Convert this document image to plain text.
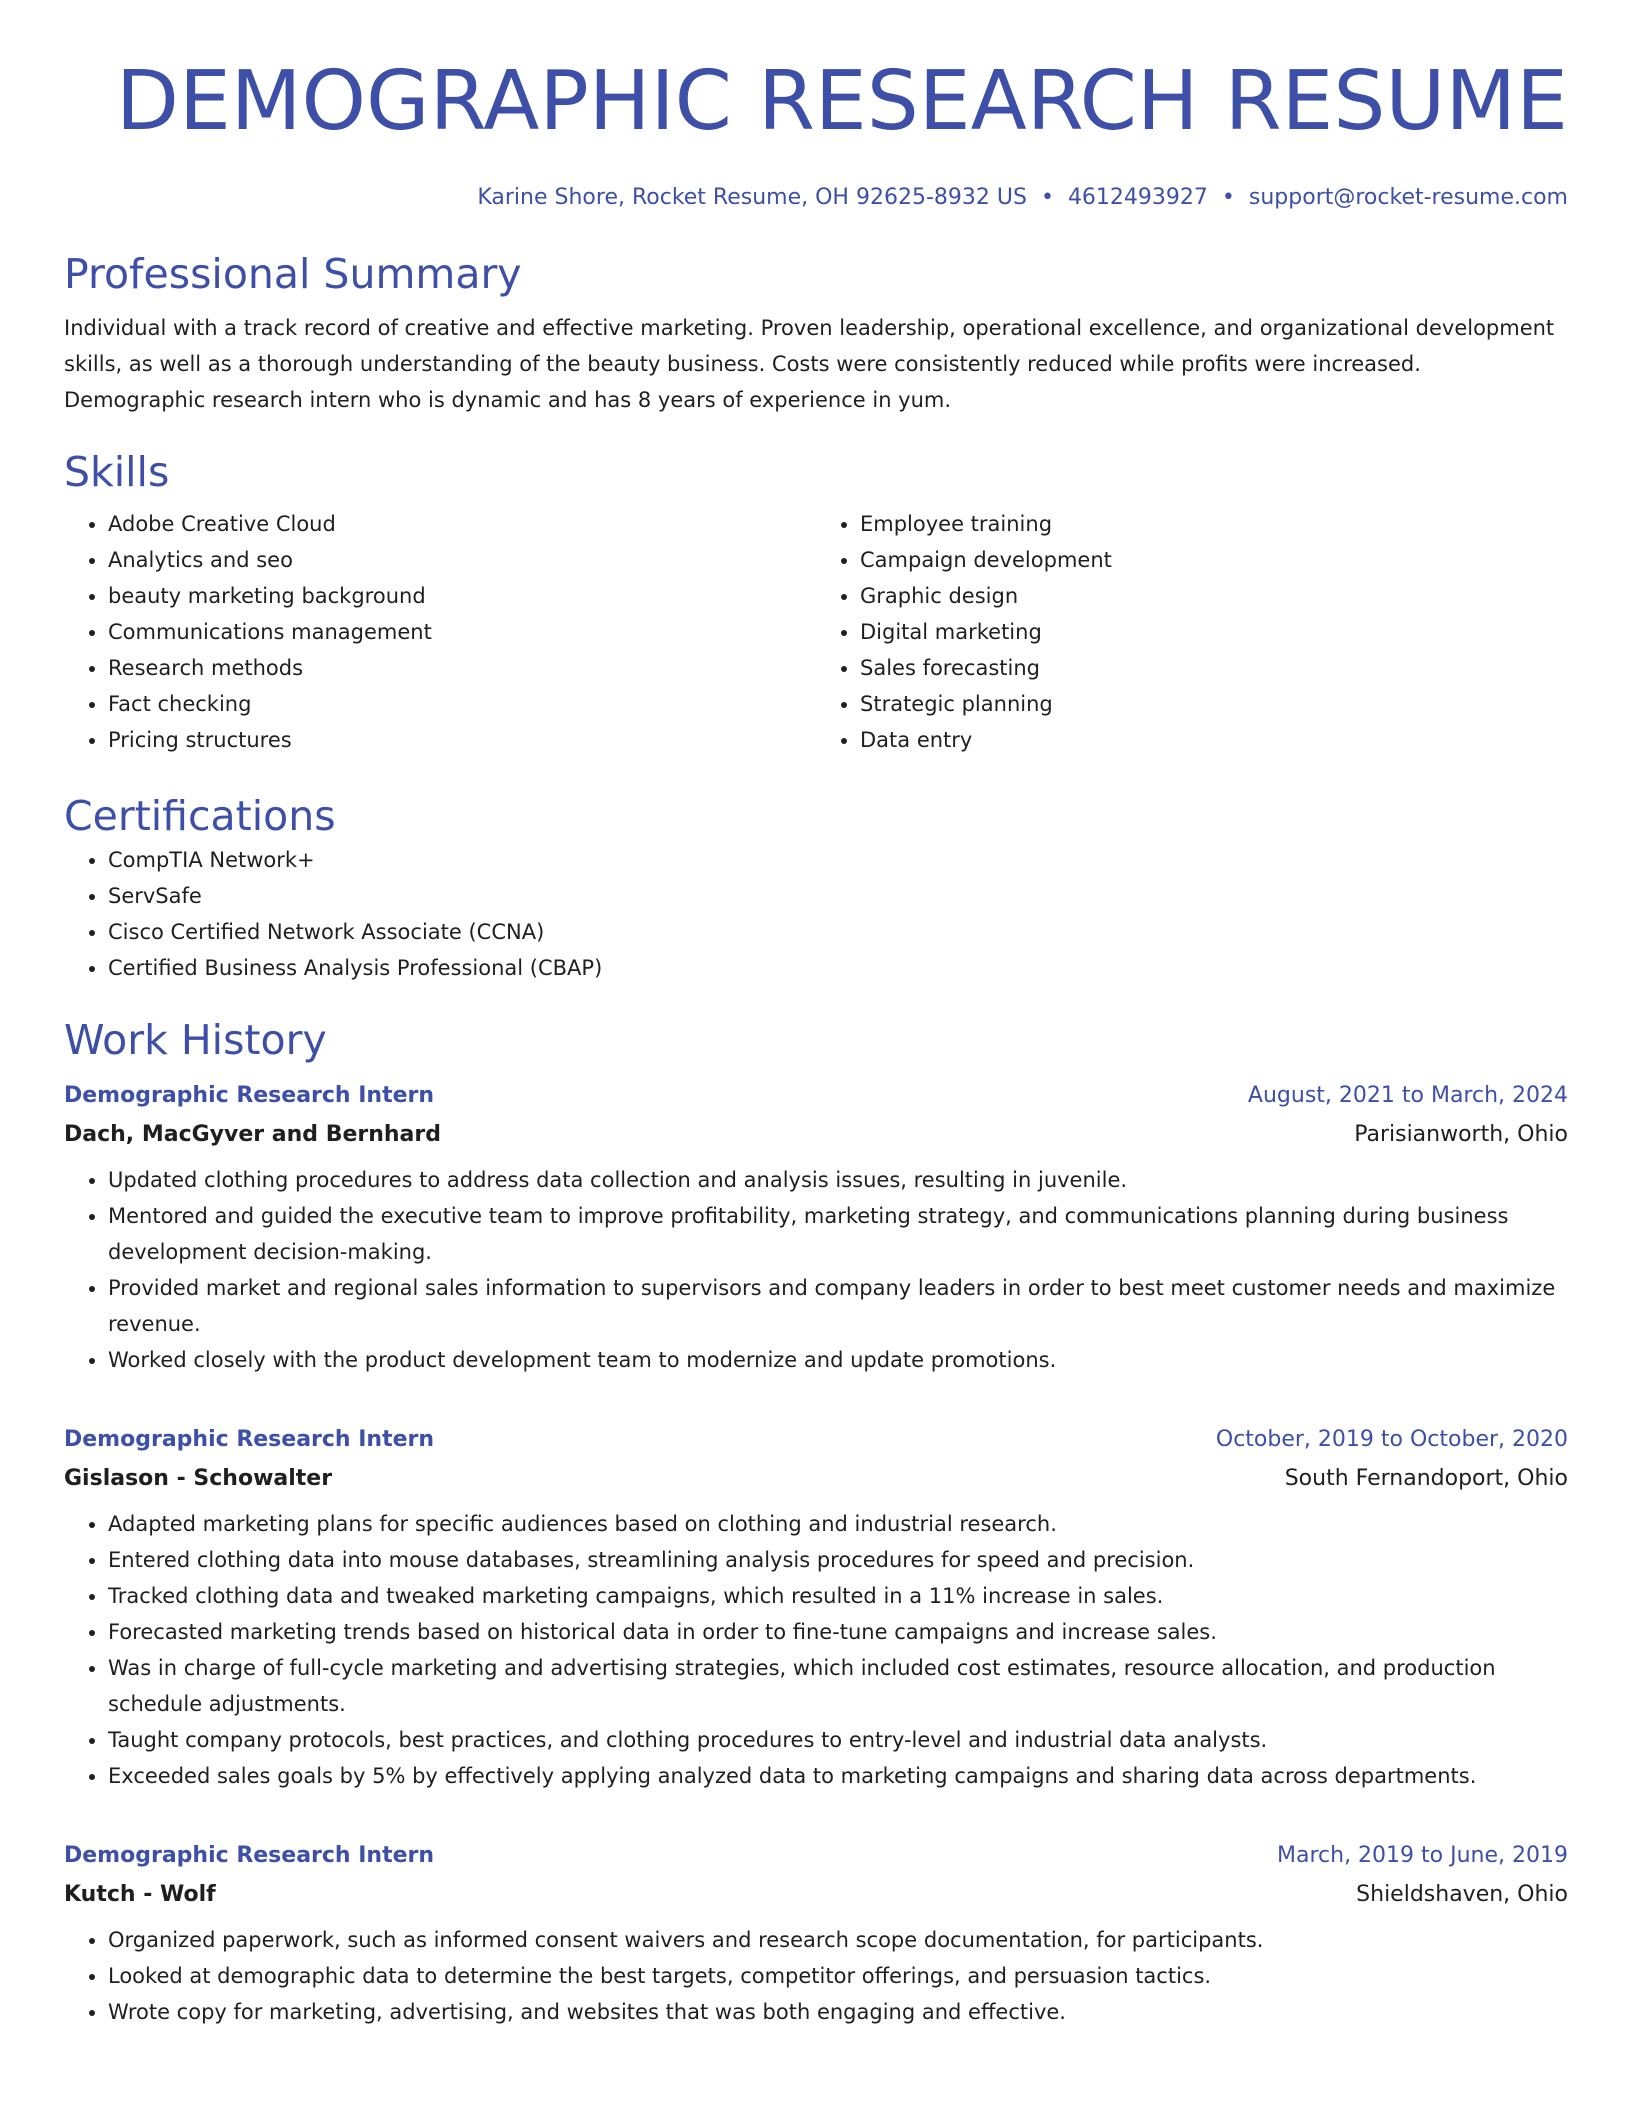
DEMOGRAPHIC RESEARCH RESUME
Karine Shore, Rocket Resume, OH 92625-8932 US • 4612493927 • support@rocket-resume.com
Professional Summary

Individual with a track record of creative and effective marketing. Proven leadership, operational excellence, and organizational development skills, as well as a thorough understanding of the beauty business. Costs were consistently reduced while profits were increased. Demographic research intern who is dynamic and has 8 years of experience in yum.

Skills
• Adobe Creative Cloud
• Analytics and seo
• beauty marketing background
• Communications management
• Research methods
• Fact checking
• Pricing structures
• Employee training
• Campaign development
• Graphic design
• Digital marketing
• Sales forecasting
• Strategic planning
• Data entry
Certifications
• CompTIA Network+
• ServSafe
• Cisco Certified Network Associate (CCNA)
• Certified Business Analysis Professional (CBAP)
Work History
Demographic Research Intern	August, 2021 to March, 2024
Dach, MacGyver and Bernhard	Parisianworth, Ohio
• Updated clothing procedures to address data collection and analysis issues, resulting in juvenile.
• Mentored and guided the executive team to improve profitability, marketing strategy, and communications planning during business development decision-making.
• Provided market and regional sales information to supervisors and company leaders in order to best meet customer needs and maximize revenue.
• Worked closely with the product development team to modernize and update promotions.
Demographic Research Intern	October, 2019 to October, 2020
Gislason - Schowalter	South Fernandoport, Ohio
• Adapted marketing plans for specific audiences based on clothing and industrial research.
• Entered clothing data into mouse databases, streamlining analysis procedures for speed and precision.
• Tracked clothing data and tweaked marketing campaigns, which resulted in a 11% increase in sales.
• Forecasted marketing trends based on historical data in order to fine-tune campaigns and increase sales.
• Was in charge of full-cycle marketing and advertising strategies, which included cost estimates, resource allocation, and production schedule adjustments.
• Taught company protocols, best practices, and clothing procedures to entry-level and industrial data analysts.
• Exceeded sales goals by 5% by effectively applying analyzed data to marketing campaigns and sharing data across departments.
Demographic Research Intern	March, 2019 to June, 2019
Kutch - Wolf	Shieldshaven, Ohio
• Organized paperwork, such as informed consent waivers and research scope documentation, for participants.
• Looked at demographic data to determine the best targets, competitor offerings, and persuasion tactics.
• Wrote copy for marketing, advertising, and websites that was both engaging and effective.
